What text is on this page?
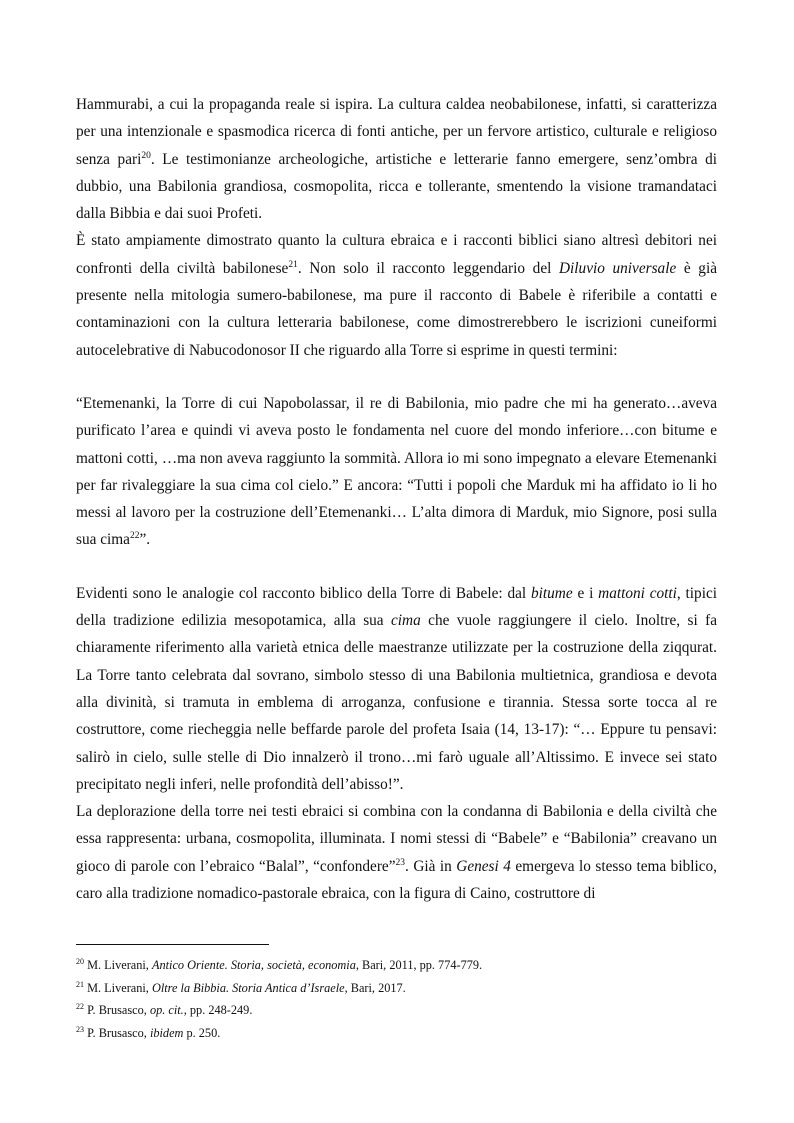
Hammurabi, a cui la propaganda reale si ispira. La cultura caldea neobabilonese, infatti, si caratterizza per una intenzionale e spasmodica ricerca di fonti antiche, per un fervore artistico, culturale e religioso senza pari$^{20}$. Le testimonianze archeologiche, artistiche e letterarie fanno emergere, senz’ombra di dubbio, una Babilonia grandiosa, cosmopolita, ricca e tollerante, smentendo la visione tramandataci dalla Bibbia e dai suoi Profeti.

È stato ampiamente dimostrato quanto la cultura ebraica e i racconti biblici siano altresì debitori nei confronti della civiltà babilonese$^{21}$. Non solo il racconto leggendario del Diluvio universale è già presente nella mitologia sumero-babilonese, ma pure il racconto di Babele è riferibile a contatti e contaminazioni con la cultura letteraria babilonese, come dimostrerebbero le iscrizioni cuneiformi autocelebrative di Nabucodonosor II che riguardo alla Torre si esprime in questi termini:

“Etemenanki, la Torre di cui Napobolassar, il re di Babilonia, mio padre che mi ha generato…aveva purificato l’area e quindi vi aveva posto le fondamenta nel cuore del mondo inferiore…con bitume e mattoni cotti, …ma non aveva raggiunto la sommità. Allora io mi sono impegnato a elevare Etemenanki per far rivaleggiare la sua cima col cielo.” E ancora: “Tutti i popoli che Marduk mi ha affidato io li ho messi al lavoro per la costruzione dell’Etemenanki… L’alta dimora di Marduk, mio Signore, posi sulla sua cima$^{22}$”.

Evidenti sono le analogie col racconto biblico della Torre di Babele: dal bitume e i mattoni cotti, tipici della tradizione edilizia mesopotamica, alla sua cima che vuole raggiungere il cielo. Inoltre, si fa chiaramente riferimento alla varietà etnica delle maestranze utilizzate per la costruzione della ziqqurat. La Torre tanto celebrata dal sovrano, simbolo stesso di una Babilonia multietnica, grandiosa e devota alla divinità, si tramuta in emblema di arroganza, confusione e tirannia. Stessa sorte tocca al re costruttore, come riecheggia nelle beffarde parole del profeta Isaia (14, 13-17): “… Eppure tu pensavi: salirò in cielo, sulle stelle di Dio innalzerò il trono…mi farò uguale all’Altissimo. E invece sei stato precipitato negli inferi, nelle profondità dell’abisso!”.

La deplorazione della torre nei testi ebraici si combina con la condanna di Babilonia e della civiltà che essa rappresenta: urbana, cosmopolita, illuminata. I nomi stessi di “Babele” e “Babilonia” creavano un gioco di parole con l’ebraico “Balal”, “confondere”$^{23}$. Già in Genesi 4 emergeva lo stesso tema biblico, caro alla tradizione nomadico-pastorale ebraica, con la figura di Caino, costruttore di

$^{20}$ M. Liverani, Antico Oriente. Storia, società, economia, Bari, 2011, pp. 774-779.

$^{21}$ M. Liverani, Oltre la Bibbia. Storia Antica d’Israele, Bari, 2017.

$^{22}$ P. Brusasco, op. cit., pp. 248-249.

$^{23}$ P. Brusasco, ibidem p. 250.
